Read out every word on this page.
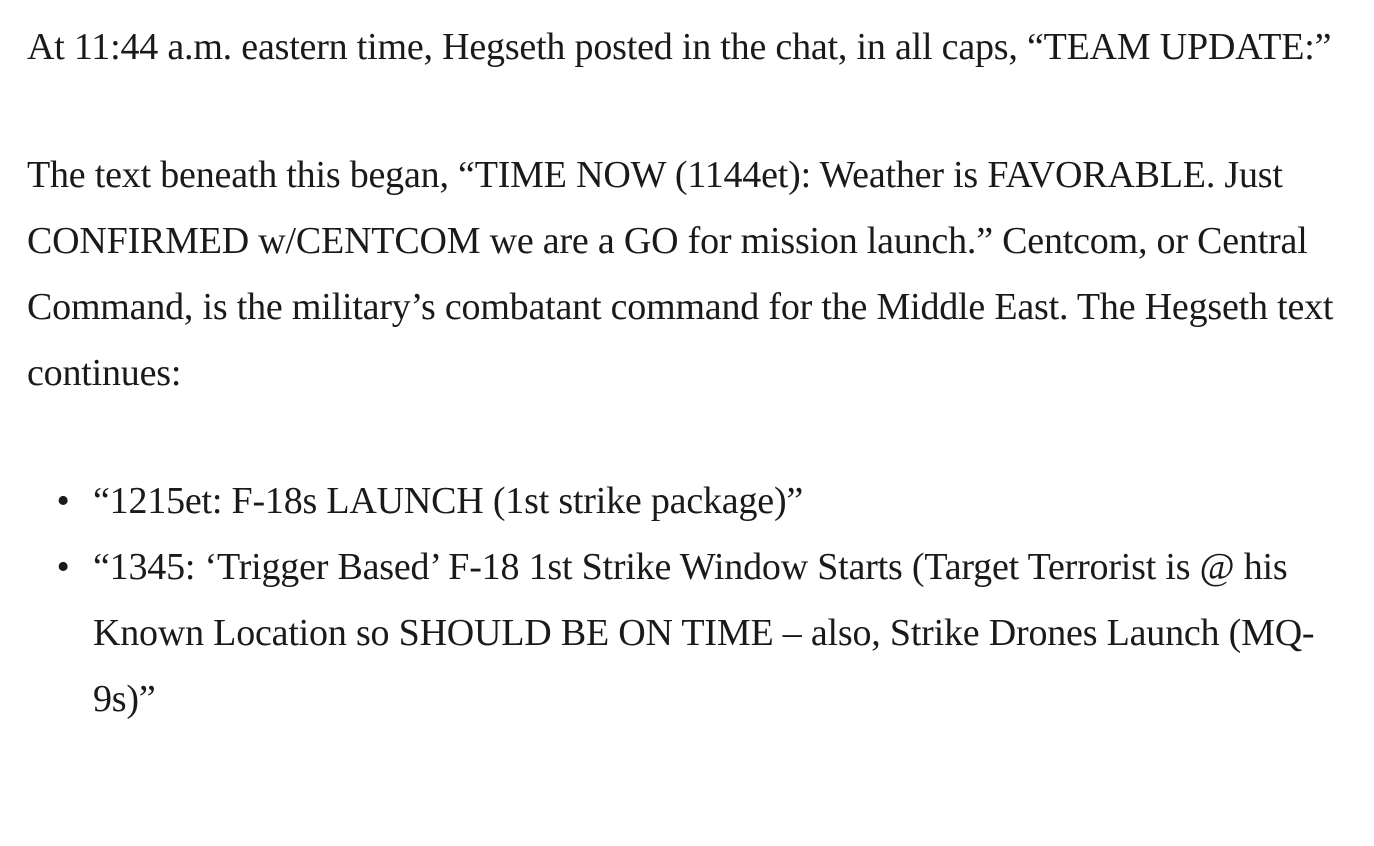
At 11:44 a.m. eastern time, Hegseth posted in the chat, in all caps, “TEAM UPDATE:”

The text beneath this began, “TIME NOW (1144et): Weather is FAVORABLE. Just CONFIRMED w/CENTCOM we are a GO for mission launch.” Centcom, or Central Command, is the military’s combatant command for the Middle East. The Hegseth text continues:

• “1215et: F-18s LAUNCH (1st strike package)”
• “1345: ‘Trigger Based’ F-18 1st Strike Window Starts (Target Terrorist is @ his Known Location so SHOULD BE ON TIME – also, Strike Drones Launch (MQ-9s)”
